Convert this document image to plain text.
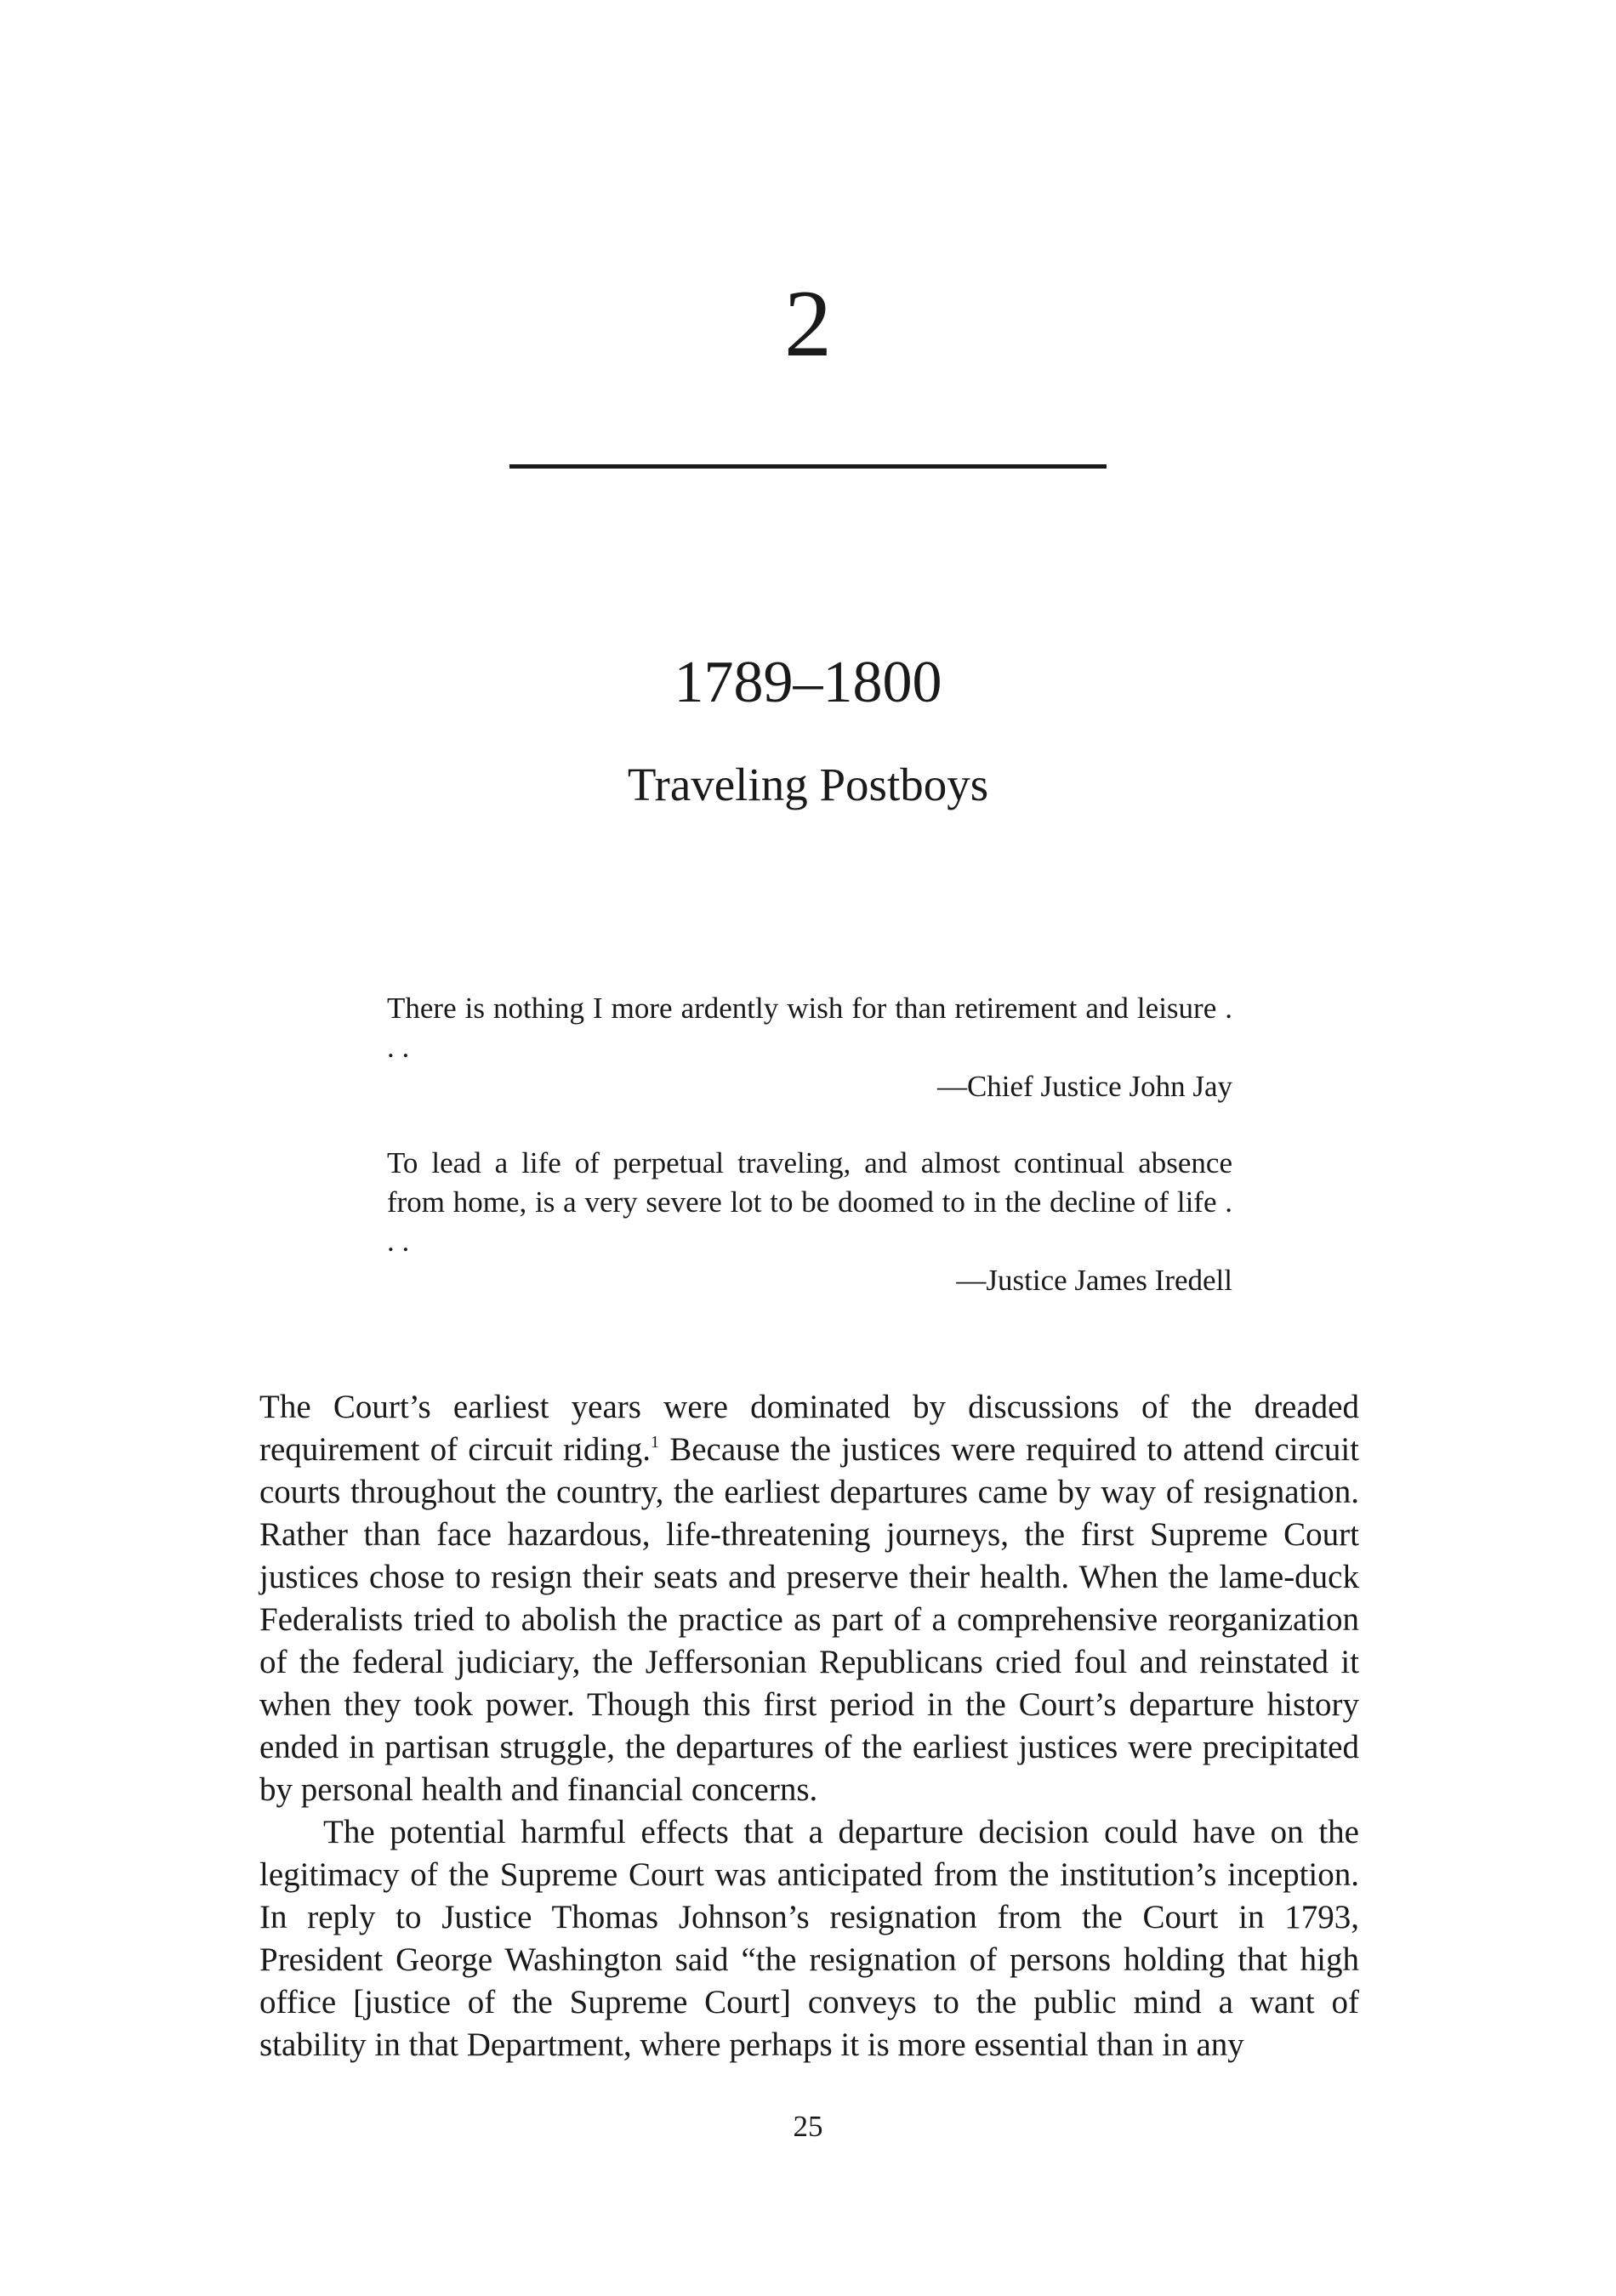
2
1789–1800
Traveling Postboys

There is nothing I more ardently wish for than retirement and leisure . . .

—Chief Justice John Jay

To lead a life of perpetual traveling, and almost continual absence from home, is a very severe lot to be doomed to in the decline of life . . .

—Justice James Iredell

The Court’s earliest years were dominated by discussions of the dreaded requirement of circuit riding.$^1$ Because the justices were required to attend circuit courts throughout the country, the earliest departures came by way of resignation. Rather than face hazardous, life-threatening journeys, the first Supreme Court justices chose to resign their seats and preserve their health. When the lame-duck Federalists tried to abolish the practice as part of a comprehensive reorganization of the federal judiciary, the Jeffersonian Republicans cried foul and reinstated it when they took power. Though this first period in the Court’s departure history ended in partisan struggle, the departures of the earliest justices were precipitated by personal health and financial concerns.

The potential harmful effects that a departure decision could have on the legitimacy of the Supreme Court was anticipated from the institution’s inception. In reply to Justice Thomas Johnson’s resignation from the Court in 1793, President George Washington said “the resignation of persons holding that high office [justice of the Supreme Court] conveys to the public mind a want of stability in that Department, where perhaps it is more essential than in any

25
